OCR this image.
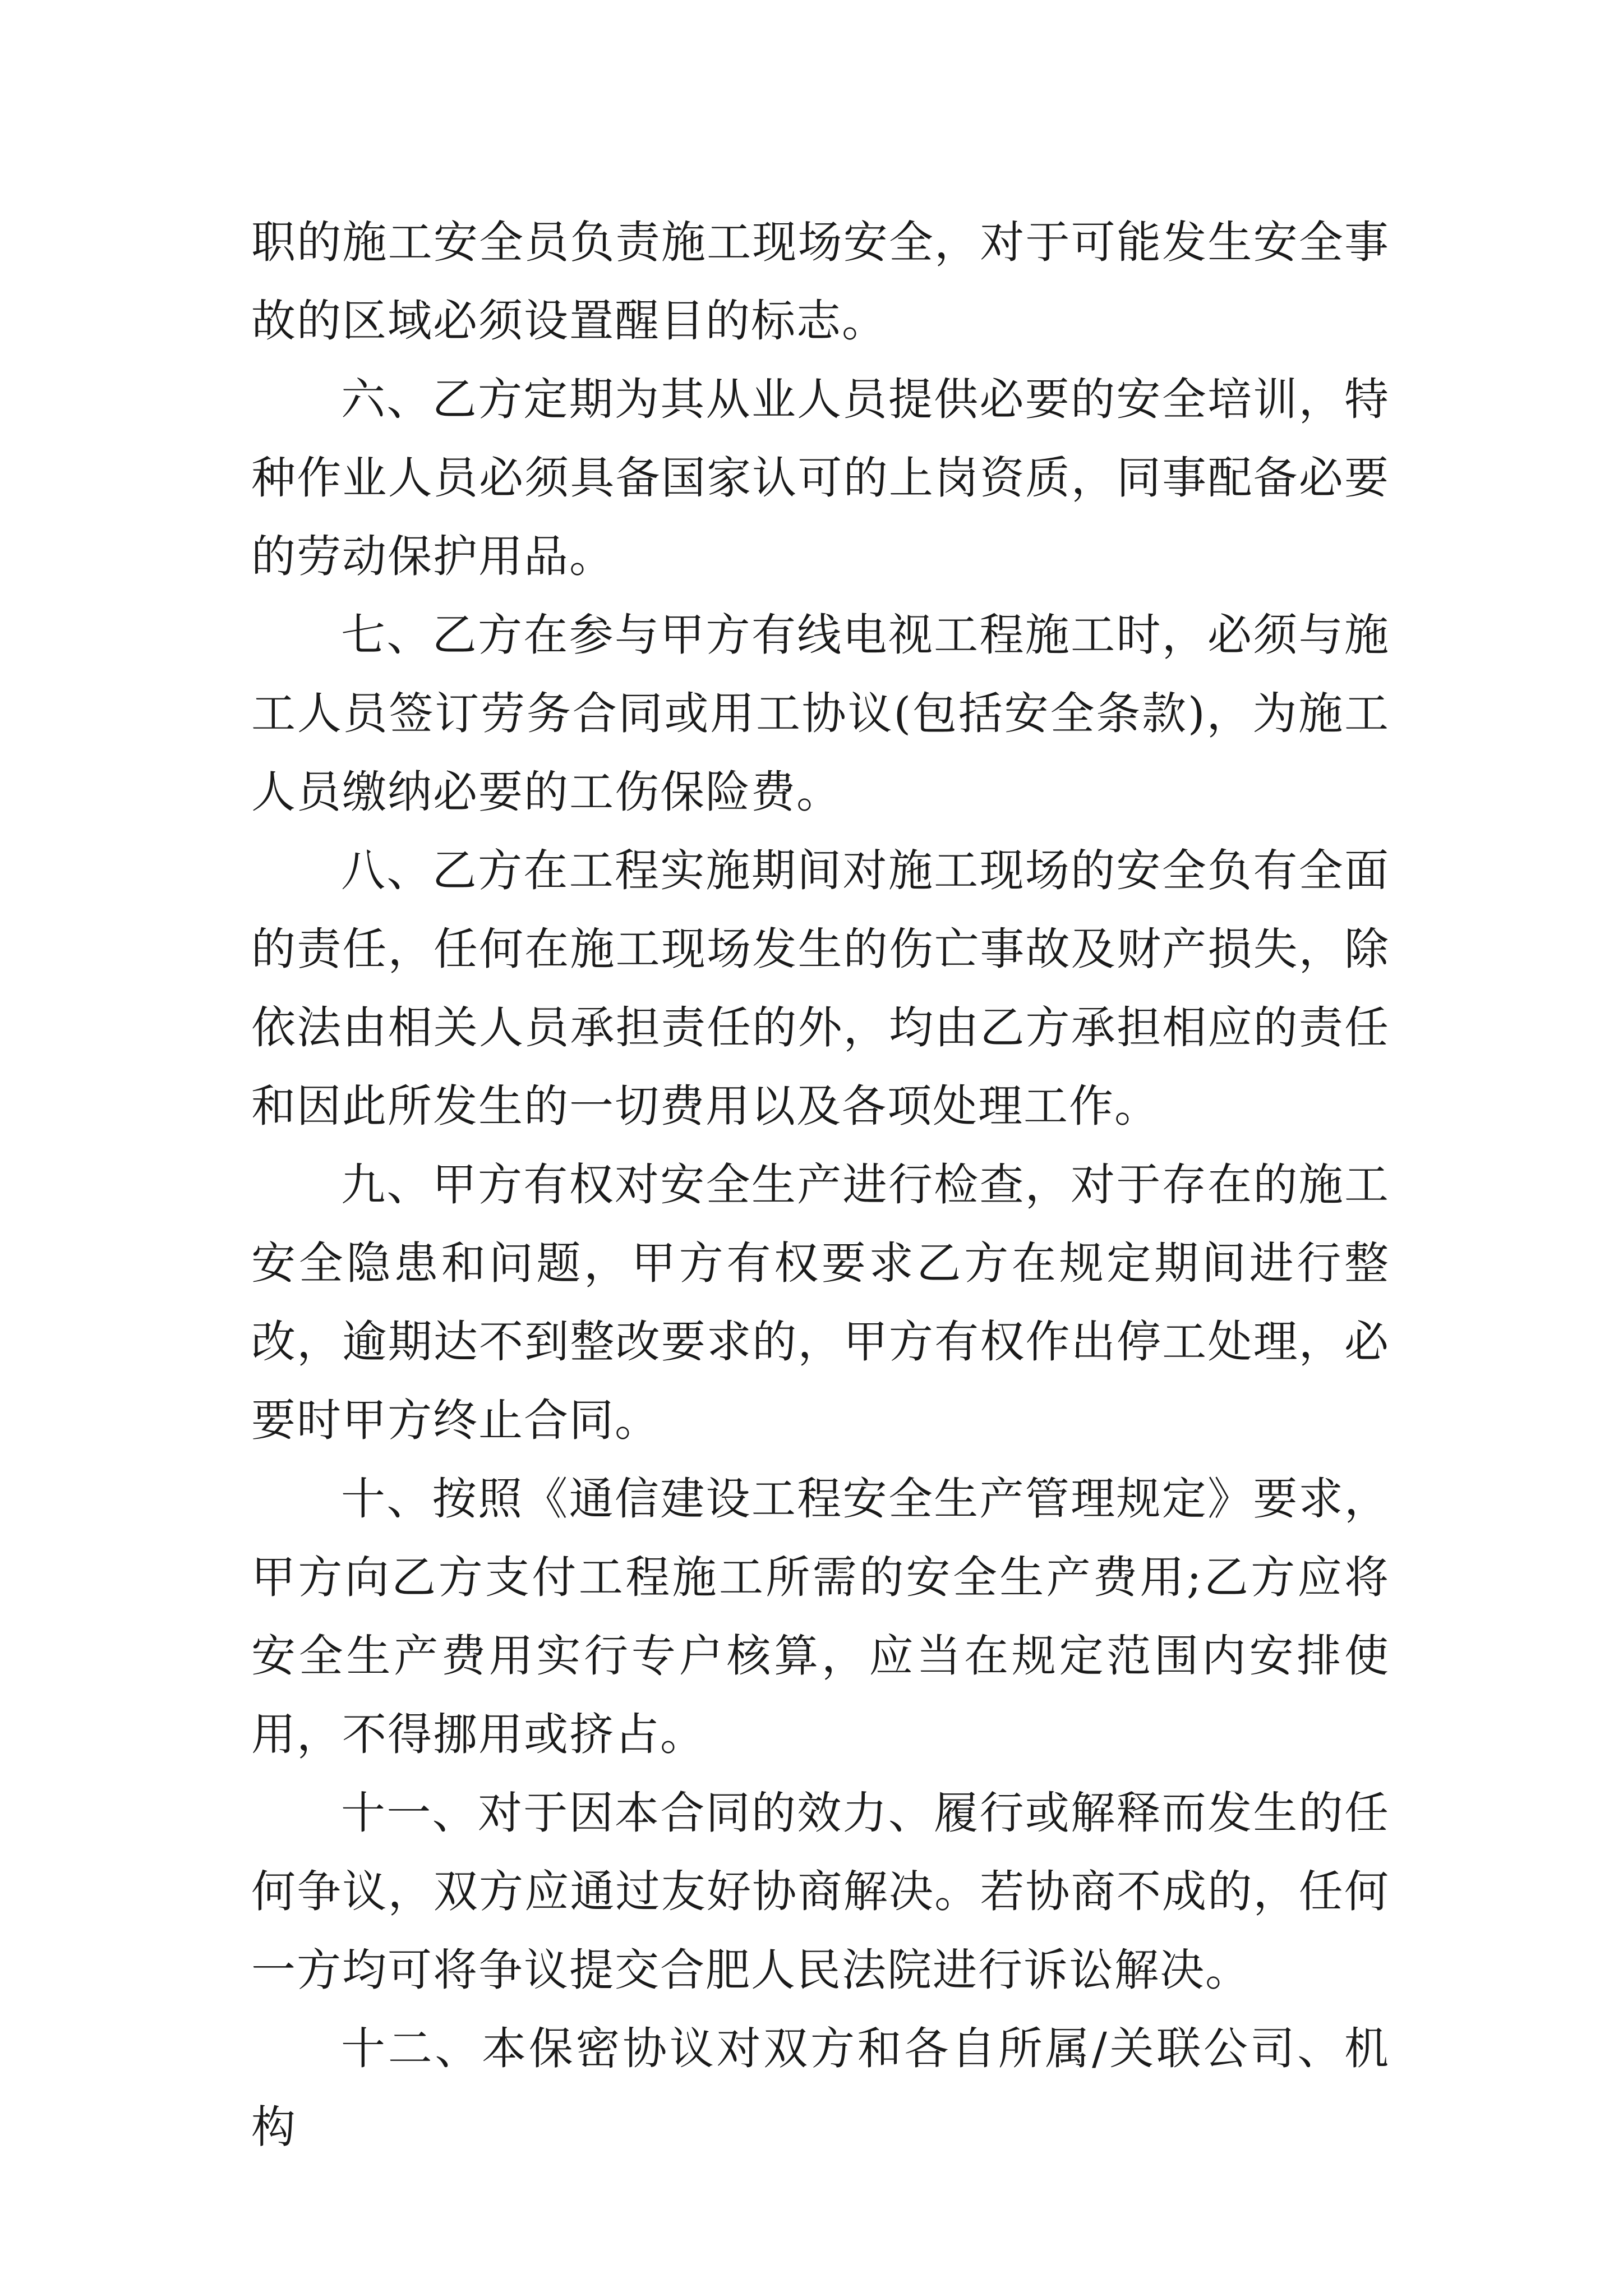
职的施工安全员负责施工现场安全，对于可能发生安全事故的区域必须设置醒目的标志。

六、乙方定期为其从业人员提供必要的安全培训，特种作业人员必须具备国家认可的上岗资质，同事配备必要的劳动保护用品。

七、乙方在参与甲方有线电视工程施工时，必须与施工人员签订劳务合同或用工协议(包括安全条款)，为施工人员缴纳必要的工伤保险费。

八、乙方在工程实施期间对施工现场的安全负有全面的责任，任何在施工现场发生的伤亡事故及财产损失，除依法由相关人员承担责任的外，均由乙方承担相应的责任和因此所发生的一切费用以及各项处理工作。

九、甲方有权对安全生产进行检查，对于存在的施工安全隐患和问题，甲方有权要求乙方在规定期间进行整改，逾期达不到整改要求的，甲方有权作出停工处理，必要时甲方终止合同。

十、按照《通信建设工程安全生产管理规定》要求，甲方向乙方支付工程施工所需的安全生产费用;乙方应将安全生产费用实行专户核算，应当在规定范围内安排使用，不得挪用或挤占。

十一、对于因本合同的效力、履行或解释而发生的任何争议，双方应通过友好协商解决。若协商不成的，任何一方均可将争议提交合肥人民法院进行诉讼解决。

十二、本保密协议对双方和各自所属/关联公司、机构
